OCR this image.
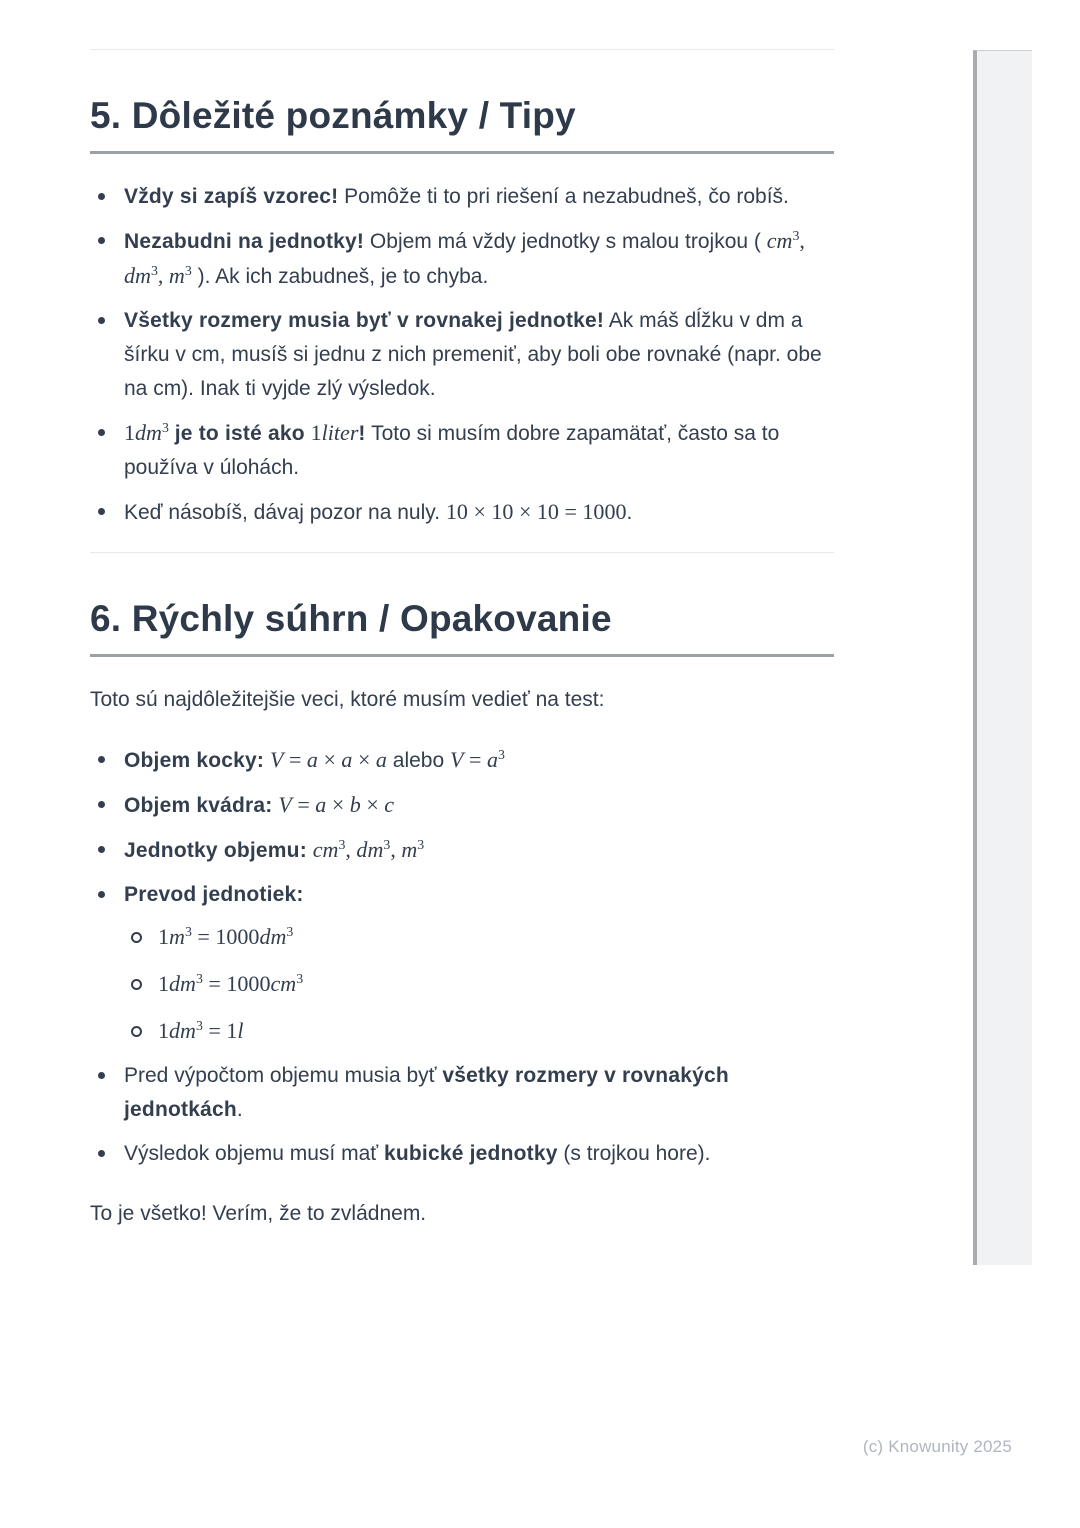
5. Dôležité poznámky / Tipy
Vždy si zapíš vzorec! Pomôže ti to pri riešení a nezabudneš, čo robíš.
Nezabudni na jednotky! Objem má vždy jednotky s malou trojkou ( $cm^3$, $dm^3$, $m^3$ ). Ak ich zabudneš, je to chyba.
Všetky rozmery musia byť v rovnakej jednotke! Ak máš dĺžku v dm a šírku v cm, musíš si jednu z nich premeniť, aby boli obe rovnaké (napr. obe na cm). Inak ti vyjde zlý výsledok.
$1dm^3$ je to isté ako 1liter! Toto si musím dobre zapamätať, často sa to používa v úlohách.
Keď násobíš, dávaj pozor na nuly. 10 × 10 × 10 = 1000.
6. Rýchly súhrn / Opakovanie

Toto sú najdôležitejšie veci, ktoré musím vedieť na test:

Objem kocky: V = a × a × a alebo $V = a^3$
Objem kvádra: V = a × b × c
Jednotky objemu: $cm^3$, $dm^3$, $m^3$
Prevod jednotiek:
$1m^3 = 1000dm^3$
$1dm^3 = 1000cm^3$
$1dm^3 = 1l$
Pred výpočtom objemu musia byť všetky rozmery v rovnakých jednotkách.
Výsledok objemu musí mať kubické jednotky (s trojkou hore).

To je všetko! Verím, že to zvládnem.

(c) Knowunity 2025
